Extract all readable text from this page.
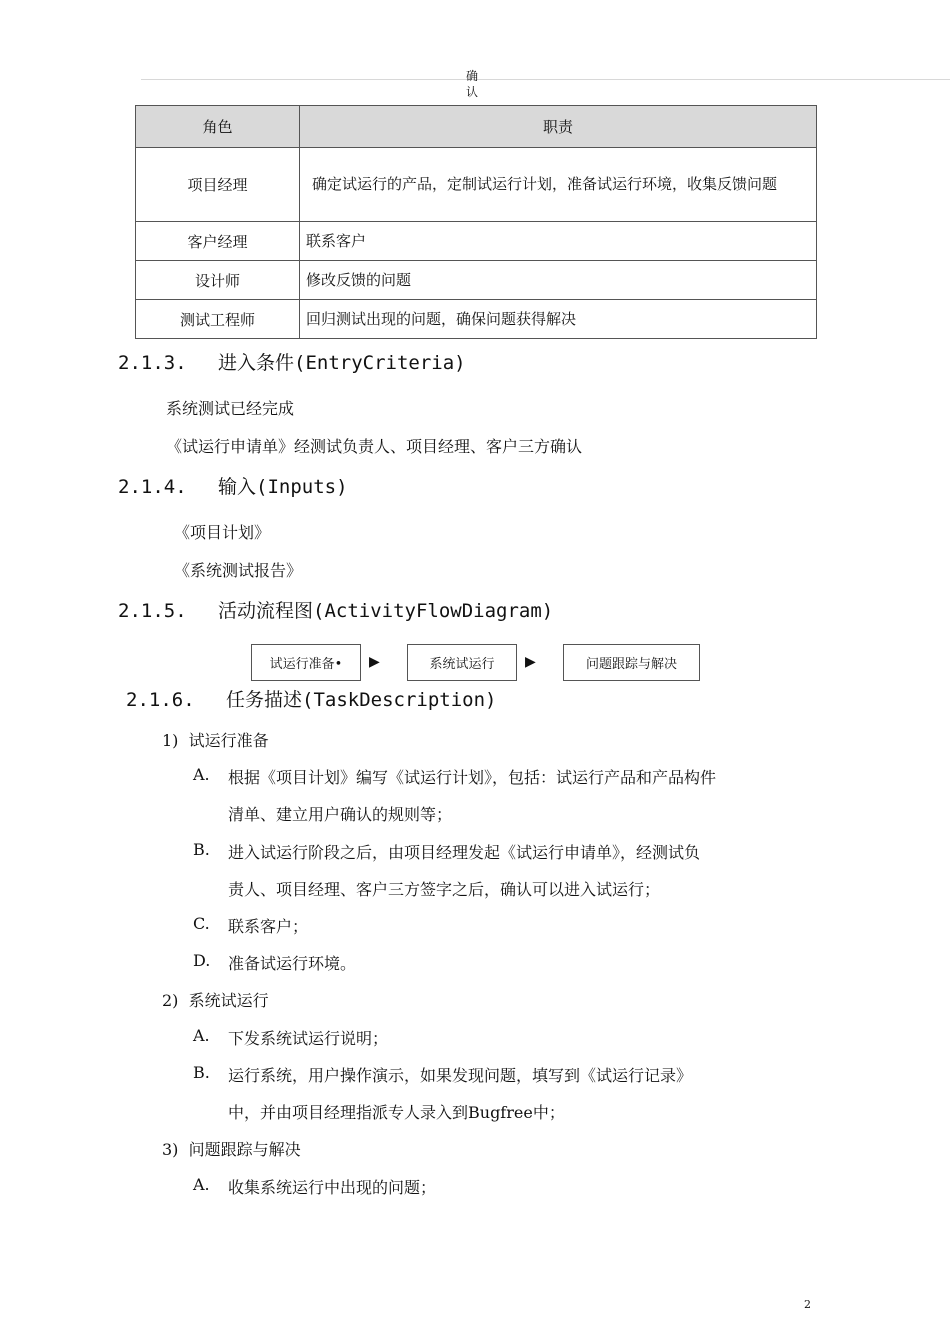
确
认
角色	职责
项目经理	确定试运行的产品，定制试运行计划，准备试运行环境，收集反馈问题
客户经理	联系客户
设计师	修改反馈的问题
测试工程师	回归测试出现的问题，确保问题获得解决
2.1.3. 进入条件(EntryCriteria)
系统测试已经完成
《试运行申请单》经测试负责人、项目经理、客户三方确认
2.1.4. 输入(Inputs)
《项目计划》
《系统测试报告》
2.1.5. 活动流程图(ActivityFlowDiagram)
试运行准备•	▶	系统试运行	▶	问题跟踪与解决
2.1.6. 任务描述(TaskDescription)
1) 试运行准备
A. 根据《项目计划》编写《试运行计划》，包括：试运行产品和产品构件
清单、建立用户确认的规则等；
B. 进入试运行阶段之后，由项目经理发起《试运行申请单》，经测试负
责人、项目经理、客户三方签字之后，确认可以进入试运行；
C. 联系客户；
D. 准备试运行环境。
2) 系统试运行
A. 下发系统试运行说明；
B. 运行系统，用户操作演示，如果发现问题，填写到《试运行记录》
中，并由项目经理指派专人录入到Bugfree中；
3) 问题跟踪与解决
A. 收集系统运行中出现的问题；
2
